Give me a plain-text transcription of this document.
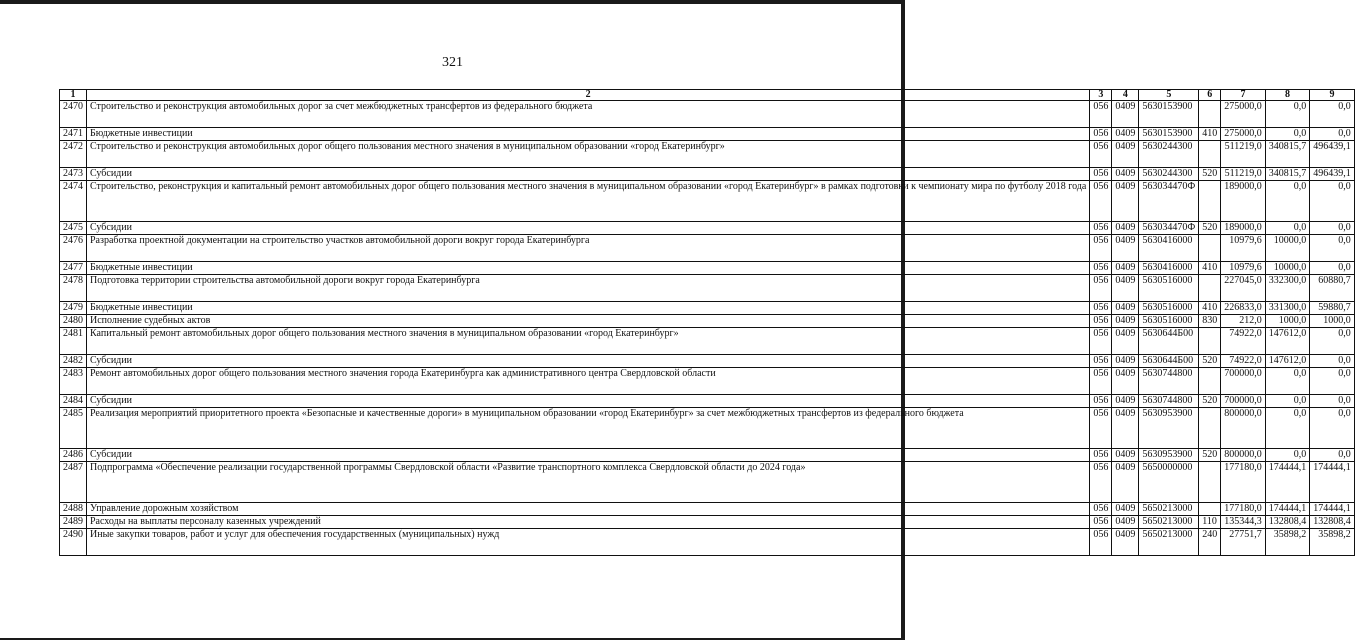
321
1	2	3	4	5	6	7	8	9
2470	Строительство и реконструкция автомобильных дорог за счет межбюджетных трансфертов из федерального бюджета	056	0409	5630153900		275000,0	0,0	0,0
2471	Бюджетные инвестиции	056	0409	5630153900	410	275000,0	0,0	0,0
2472	Строительство и реконструкция автомобильных дорог общего пользования местного значения в муниципальном образовании «город Екатеринбург»	056	0409	5630244300		511219,0	340815,7	496439,1
2473	Субсидии	056	0409	5630244300	520	511219,0	340815,7	496439,1
2474	Строительство, реконструкция и капитальный ремонт автомобильных дорог общего пользования местного значения в муниципальном образовании «город Екатеринбург» в рамках подготовки к чемпионату мира по футболу 2018 года	056	0409	563034470Ф		189000,0	0,0	0,0
2475	Субсидии	056	0409	563034470Ф	520	189000,0	0,0	0,0
2476	Разработка проектной документации на строительство участков автомобильной дороги вокруг города Екатеринбурга	056	0409	5630416000		10979,6	10000,0	0,0
2477	Бюджетные инвестиции	056	0409	5630416000	410	10979,6	10000,0	0,0
2478	Подготовка территории строительства автомобильной дороги вокруг города Екатеринбурга	056	0409	5630516000		227045,0	332300,0	60880,7
2479	Бюджетные инвестиции	056	0409	5630516000	410	226833,0	331300,0	59880,7
2480	Исполнение судебных актов	056	0409	5630516000	830	212,0	1000,0	1000,0
2481	Капитальный ремонт автомобильных дорог общего пользования местного значения в муниципальном образовании «город Екатеринбург»	056	0409	5630644Б00		74922,0	147612,0	0,0
2482	Субсидии	056	0409	5630644Б00	520	74922,0	147612,0	0,0
2483	Ремонт автомобильных дорог общего пользования местного значения города Екатеринбурга как административного центра Свердловской области	056	0409	5630744800		700000,0	0,0	0,0
2484	Субсидии	056	0409	5630744800	520	700000,0	0,0	0,0
2485	Реализация мероприятий приоритетного проекта «Безопасные и качественные дороги» в муниципальном образовании «город Екатеринбург» за счет межбюджетных трансфертов из федерального бюджета	056	0409	5630953900		800000,0	0,0	0,0
2486	Субсидии	056	0409	5630953900	520	800000,0	0,0	0,0
2487	Подпрограмма «Обеспечение реализации государственной программы Свердловской области «Развитие транспортного комплекса Свердловской области до 2024 года»	056	0409	5650000000		177180,0	174444,1	174444,1
2488	Управление дорожным хозяйством	056	0409	5650213000		177180,0	174444,1	174444,1
2489	Расходы на выплаты персоналу казенных учреждений	056	0409	5650213000	110	135344,3	132808,4	132808,4
2490	Иные закупки товаров, работ и услуг для обеспечения государственных (муниципальных) нужд	056	0409	5650213000	240	27751,7	35898,2	35898,2
